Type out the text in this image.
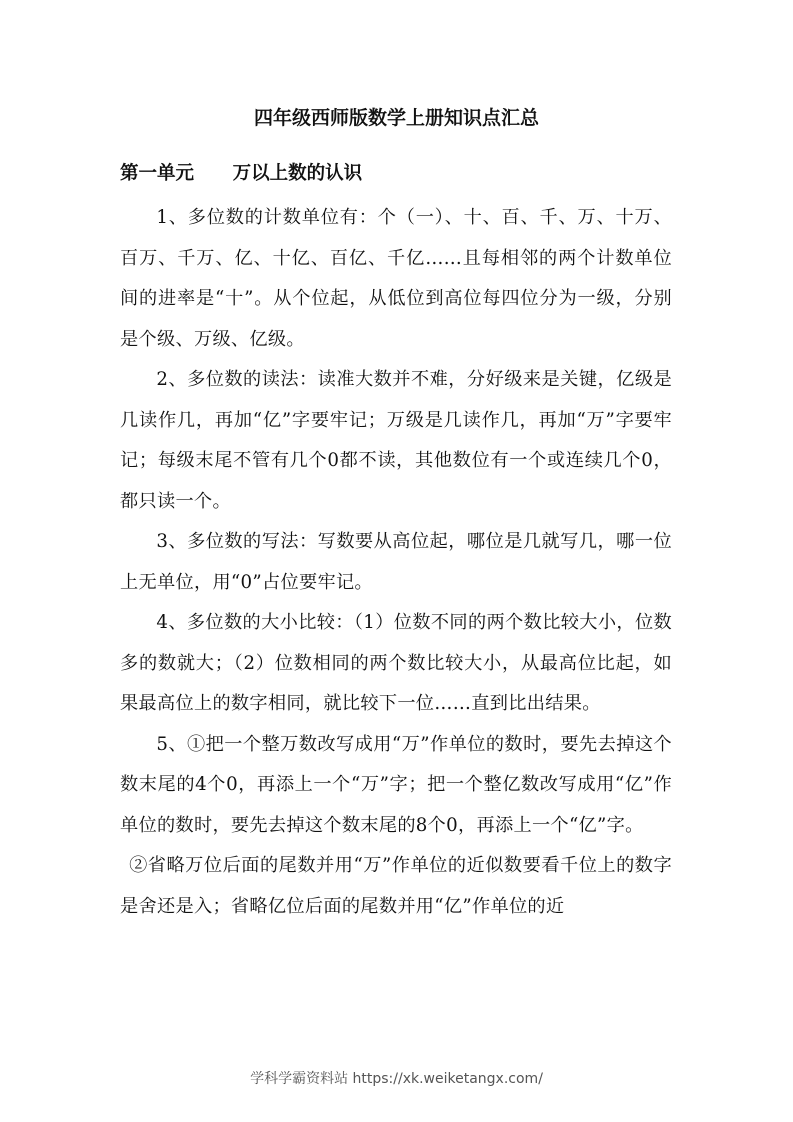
四年级西师版数学上册知识点汇总
第一单元      万以上数的认识

1、多位数的计数单位有：个（一）、十、百、千、万、十万、百万、千万、亿、十亿、百亿、千亿……且每相邻的两个计数单位间的进率是“十”。从个位起，从低位到高位每四位分为一级，分别是个级、万级、亿级。

2、多位数的读法：读准大数并不难，分好级来是关键，亿级是几读作几，再加“亿”字要牢记；万级是几读作几，再加“万”字要牢记；每级末尾不管有几个0都不读，其他数位有一个或连续几个0，都只读一个。

3、多位数的写法：写数要从高位起，哪位是几就写几，哪一位上无单位，用“0”占位要牢记。

4、多位数的大小比较：（1）位数不同的两个数比较大小，位数多的数就大；（2）位数相同的两个数比较大小，从最高位比起，如果最高位上的数字相同，就比较下一位……直到比出结果。

5、①把一个整万数改写成用“万”作单位的数时，要先去掉这个数末尾的4个0，再添上一个“万”字；把一个整亿数改写成用“亿”作单位的数时，要先去掉这个数末尾的8个0，再添上一个“亿”字。

②省略万位后面的尾数并用“万”作单位的近似数要看千位上的数字是舍还是入；省略亿位后面的尾数并用“亿”作单位的近

学科学霸资料站 https://xk.weiketangx.com/
